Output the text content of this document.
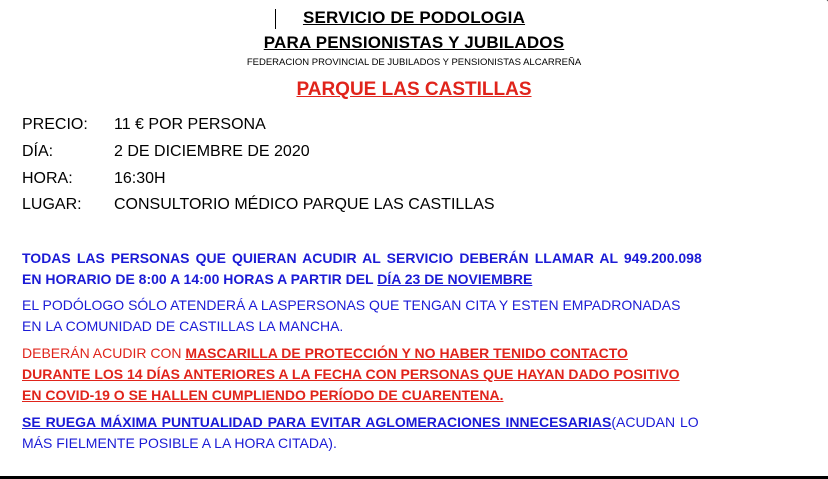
SERVICIO DE PODOLOGIA
PARA PENSIONISTAS Y JUBILADOS
FEDERACION PROVINCIAL DE JUBILADOS Y PENSIONISTAS ALCARREÑA
PARQUE LAS CASTILLAS
PRECIO: 11 € POR PERSONA
DÍA:	2 DE DICIEMBRE DE 2020
HORA:	16:30H
LUGAR: CONSULTORIO MÉDICO PARQUE LAS CASTILLAS
TODAS LAS PERSONAS QUE QUIERAN ACUDIR AL SERVICIO DEBERÁN LLAMAR AL 949.200.098
EN HORARIO DE 8:00 A 14:00 HORAS A PARTIR DEL DÍA 23 DE NOVIEMBRE
EL PODÓLOGO SÓLO ATENDERÁ A LASPERSONAS QUE TENGAN CITA Y ESTEN EMPADRONADAS
EN LA COMUNIDAD DE CASTILLAS LA MANCHA.
DEBERÁN ACUDIR CON MASCARILLA DE PROTECCIÓN Y NO HABER TENIDO CONTACTO
DURANTE LOS 14 DÍAS ANTERIORES A LA FECHA CON PERSONAS QUE HAYAN DADO POSITIVO
EN COVID-19 O SE HALLEN CUMPLIENDO PERÍODO DE CUARENTENA.
SE RUEGA MÁXIMA PUNTUALIDAD PARA EVITAR AGLOMERACIONES INNECESARIAS(ACUDAN LO
MÁS FIELMENTE POSIBLE A LA HORA CITADA).
